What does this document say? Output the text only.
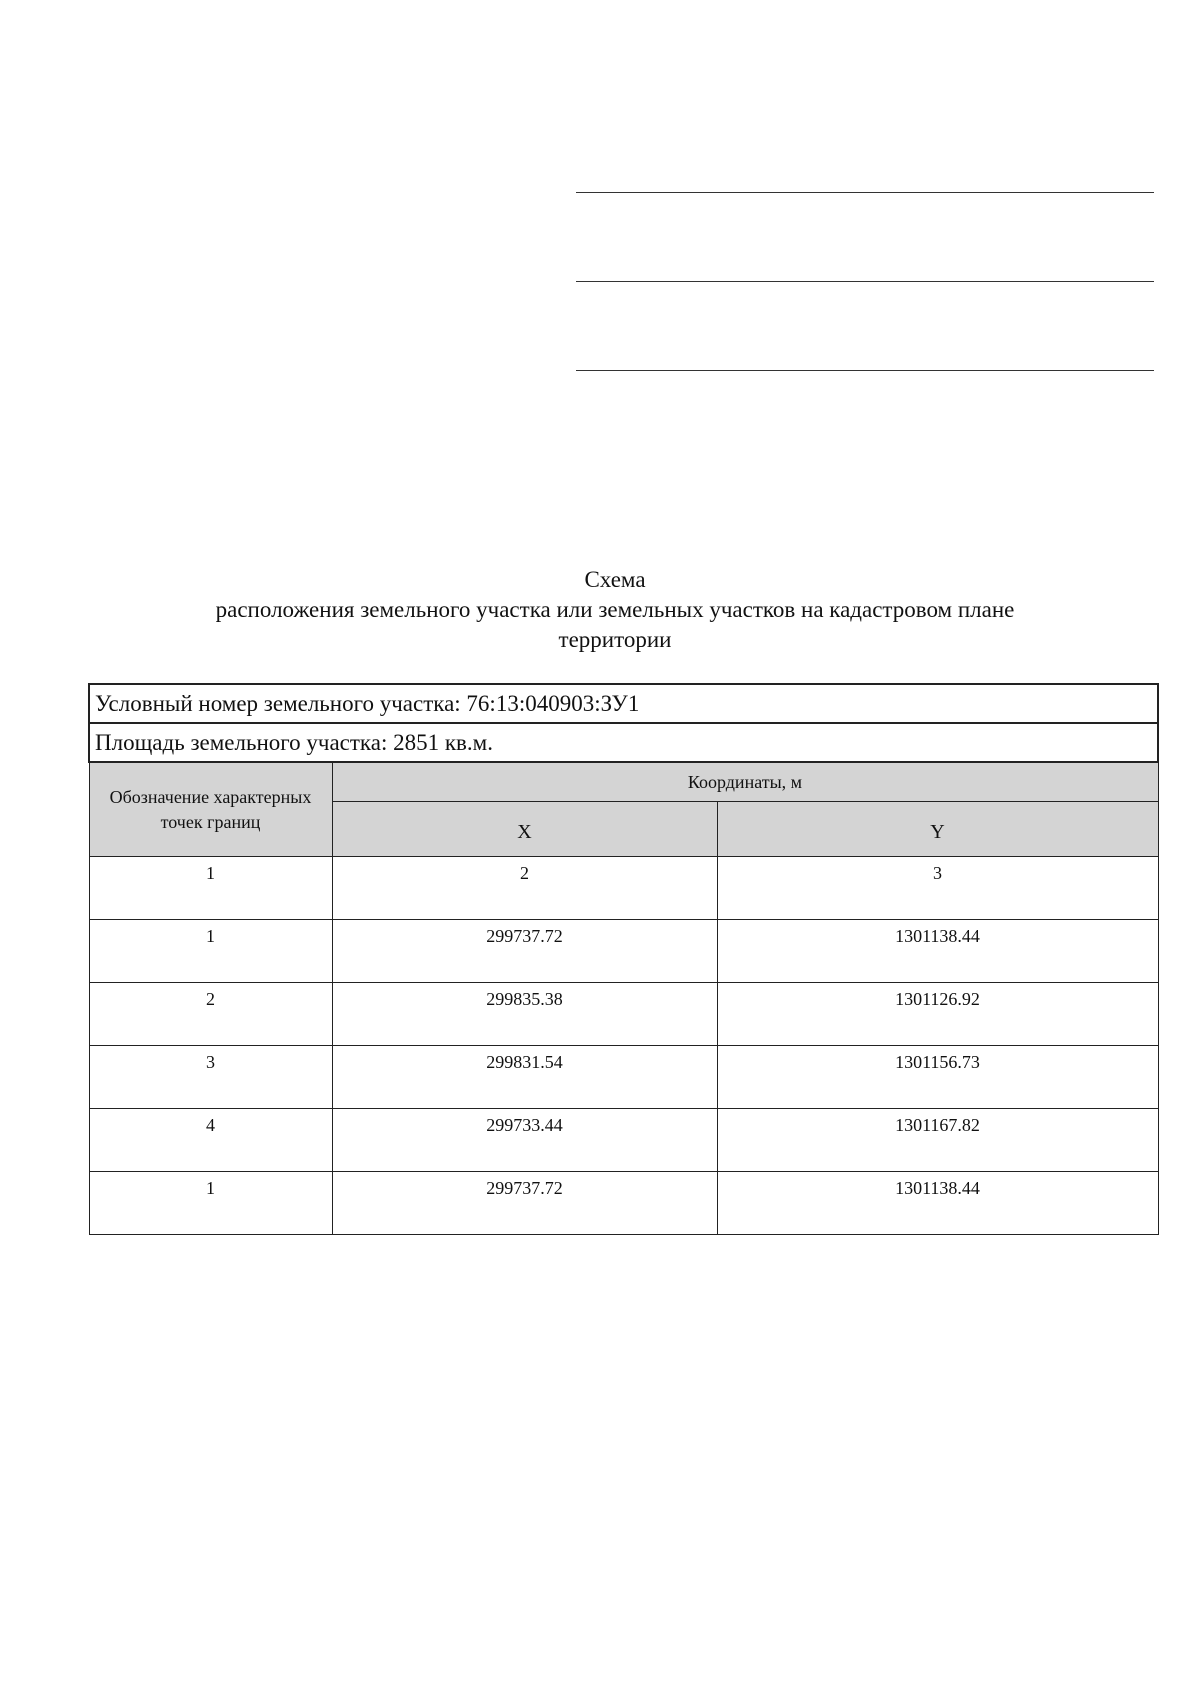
Схема
расположения земельного участка или земельных участков на кадастровом плане
территории
Условный номер земельного участка: 76:13:040903:ЗУ1		
Площадь земельного участка: 2851 кв.м.		
Обозначение характерных точек границ	Координаты, м	
	X	Y
1	2	3
1	299737.72	1301138.44
2	299835.38	1301126.92
3	299831.54	1301156.73
4	299733.44	1301167.82
1	299737.72	1301138.44
